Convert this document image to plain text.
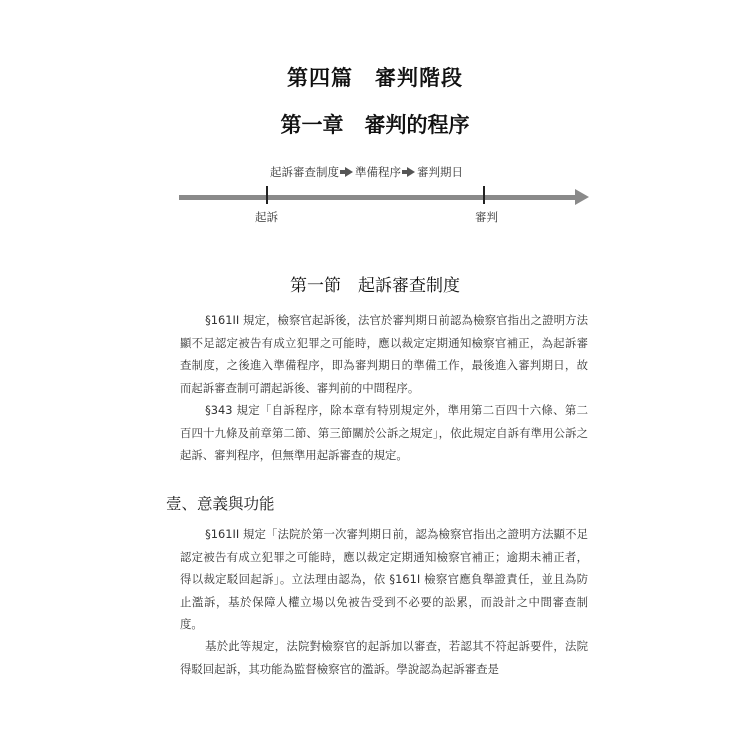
第四篇　審判階段
第一章　審判的程序
起訴審查制度 準備程序 審判期日
起訴	審判
第一節　起訴審查制度

§161II 規定，檢察官起訴後，法官於審判期日前認為檢察官指出之證明方法顯不足認定被告有成立犯罪之可能時，應以裁定定期通知檢察官補正，為起訴審查制度，之後進入準備程序，即為審判期日的準備工作，最後進入審判期日，故而起訴審查制可謂起訴後、審判前的中間程序。

§343 規定「自訴程序，除本章有特別規定外，準用第二百四十六條、第二百四十九條及前章第二節、第三節關於公訴之規定」，依此規定自訴有準用公訴之起訴、審判程序，但無準用起訴審查的規定。

壹、意義與功能

§161II 規定「法院於第一次審判期日前，認為檢察官指出之證明方法顯不足認定被告有成立犯罪之可能時，應以裁定定期通知檢察官補正；逾期未補正者，得以裁定駁回起訴」。立法理由認為，依 §161I 檢察官應負舉證責任，並且為防止濫訴，基於保障人權立場以免被告受到不必要的訟累，而設計之中間審查制度。

基於此等規定，法院對檢察官的起訴加以審查，若認其不符起訴要件，法院得駁回起訴，其功能為監督檢察官的濫訴。學說認為起訴審查是
